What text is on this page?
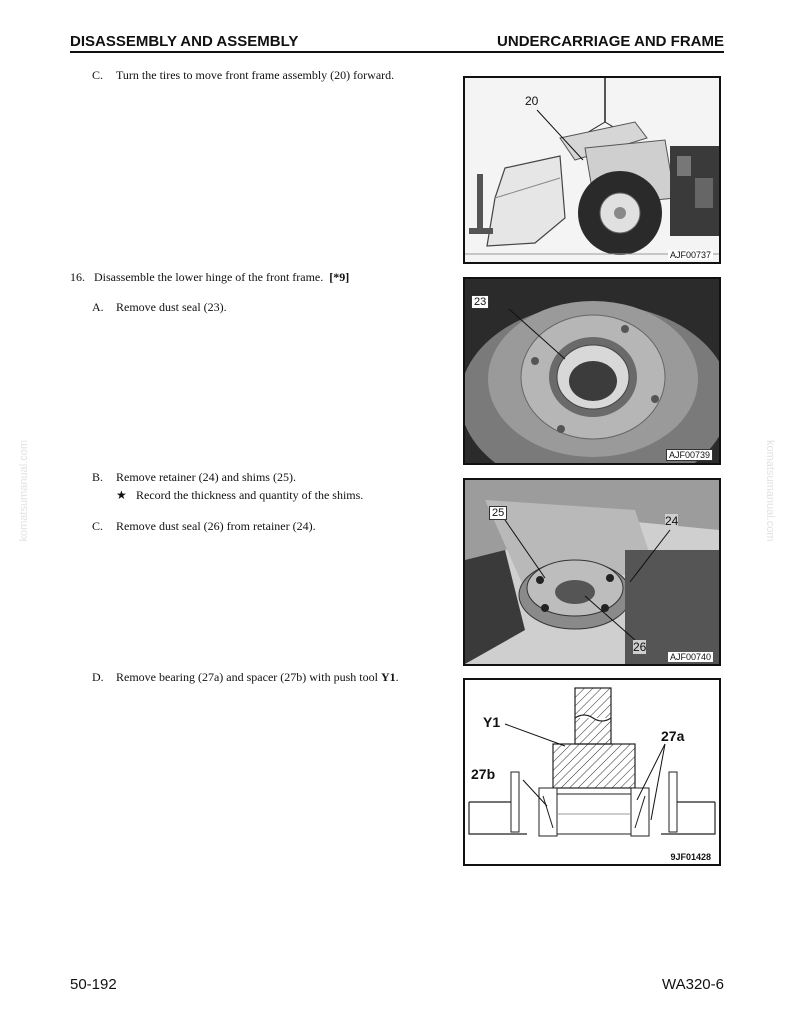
DISASSEMBLY AND ASSEMBLY	UNDERCARRIAGE AND FRAME
komatsumanual.com	komatsumanual.com
C. Turn the tires to move front frame assembly (20) forward.
20
AJF00737
16. Disassemble the lower hinge of the front frame. [*9]
A. Remove dust seal (23).	23
AJF00739
B. Remove retainer (24) and shims (25).
★ Record the thickness and quantity of the shims.
C. Remove dust seal (26) from retainer (24).
25
24
26
AJF00740
D. Remove bearing (27a) and spacer (27b) with push tool Y1.
Y1
27a
27b
9JF01428
50-192	WA320-6
